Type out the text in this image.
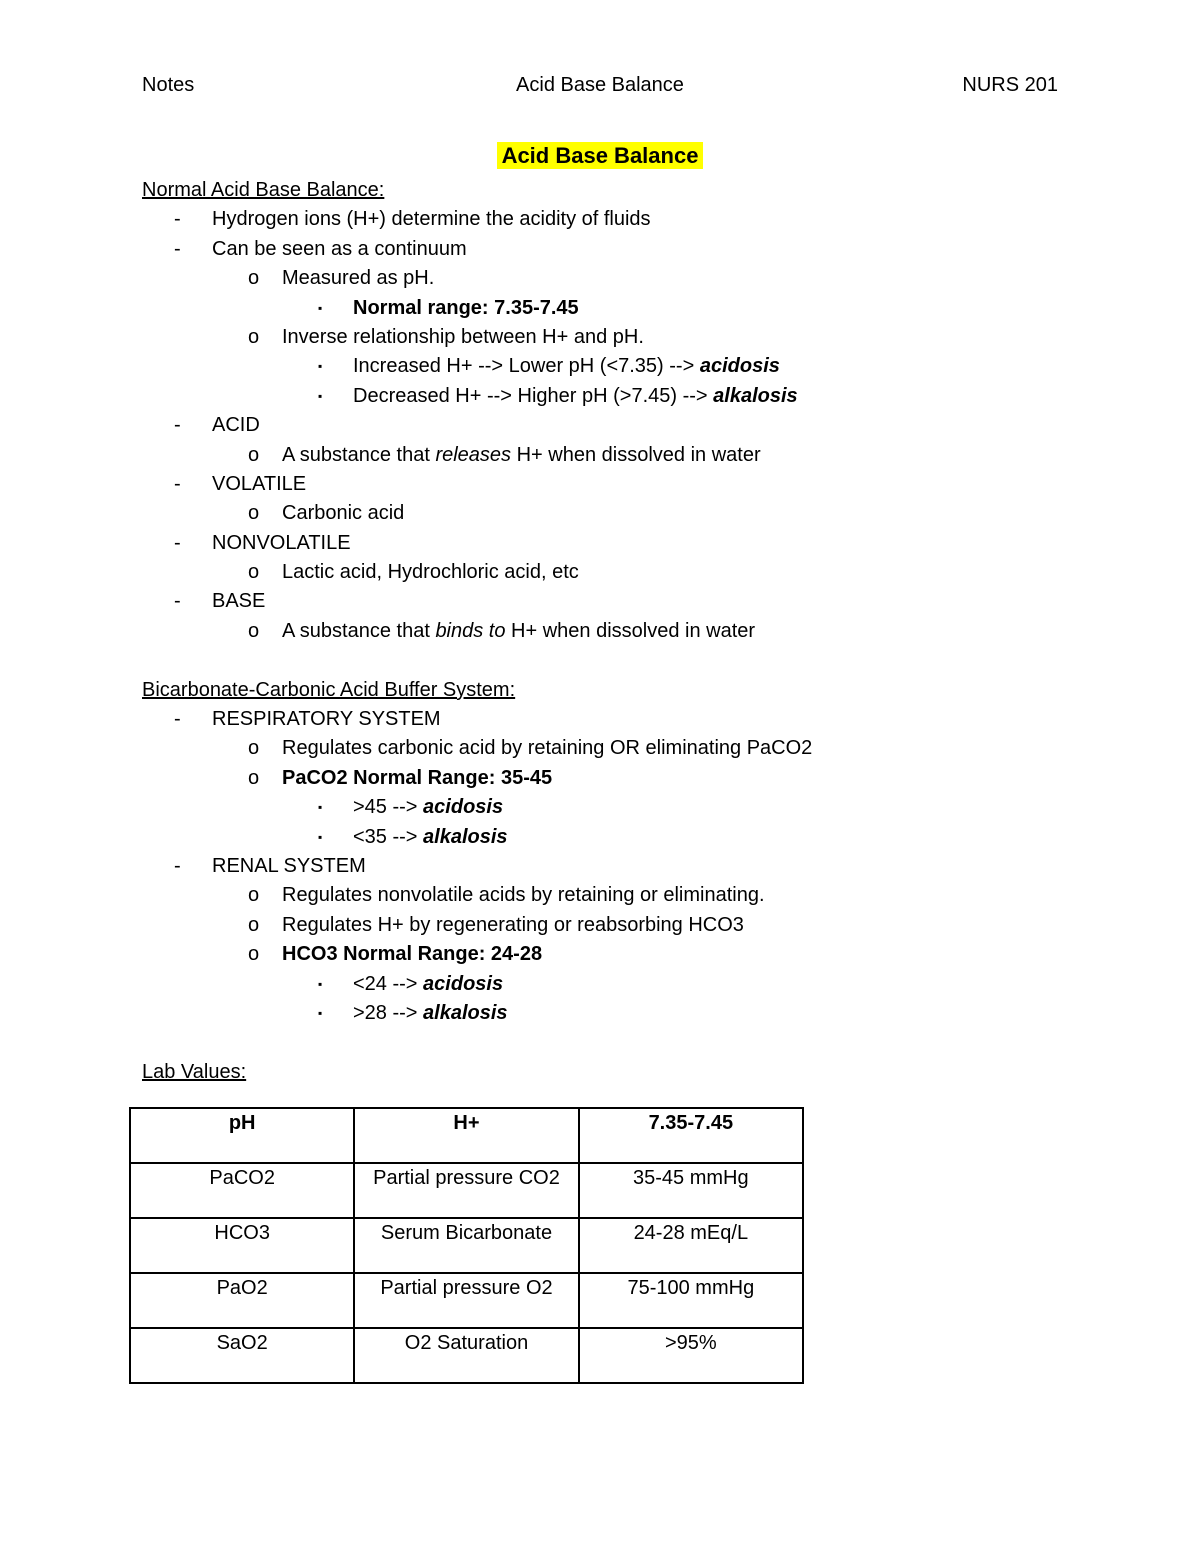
Notes	Acid Base Balance	NURS 201
Acid Base Balance
Normal Acid Base Balance:
- Hydrogen ions (H+) determine the acidity of fluids
- Can be seen as a continuum
o Measured as pH.
▪ Normal range: 7.35-7.45
o Inverse relationship between H+ and pH.
▪ Increased H+ --> Lower pH (<7.35) --> acidosis
▪ Decreased H+ --> Higher pH (>7.45) --> alkalosis
- ACID
o A substance that releases H+ when dissolved in water
- VOLATILE
o Carbonic acid
- NONVOLATILE
o Lactic acid, Hydrochloric acid, etc
- BASE
o A substance that binds to H+ when dissolved in water
Bicarbonate-Carbonic Acid Buffer System:
- RESPIRATORY SYSTEM
o Regulates carbonic acid by retaining OR eliminating PaCO2
o PaCO2 Normal Range: 35-45
▪ >45 --> acidosis
▪ <35 --> alkalosis
- RENAL SYSTEM
o Regulates nonvolatile acids by retaining or eliminating.
o Regulates H+ by regenerating or reabsorbing HCO3
o HCO3 Normal Range: 24-28
▪ <24 --> acidosis
▪ >28 --> alkalosis
Lab Values:
pH	H+	7.35-7.45
PaCO2	Partial pressure CO2	35-45 mmHg
HCO3	Serum Bicarbonate	24-28 mEq/L
PaO2	Partial pressure O2	75-100 mmHg
SaO2	O2 Saturation	>95%
